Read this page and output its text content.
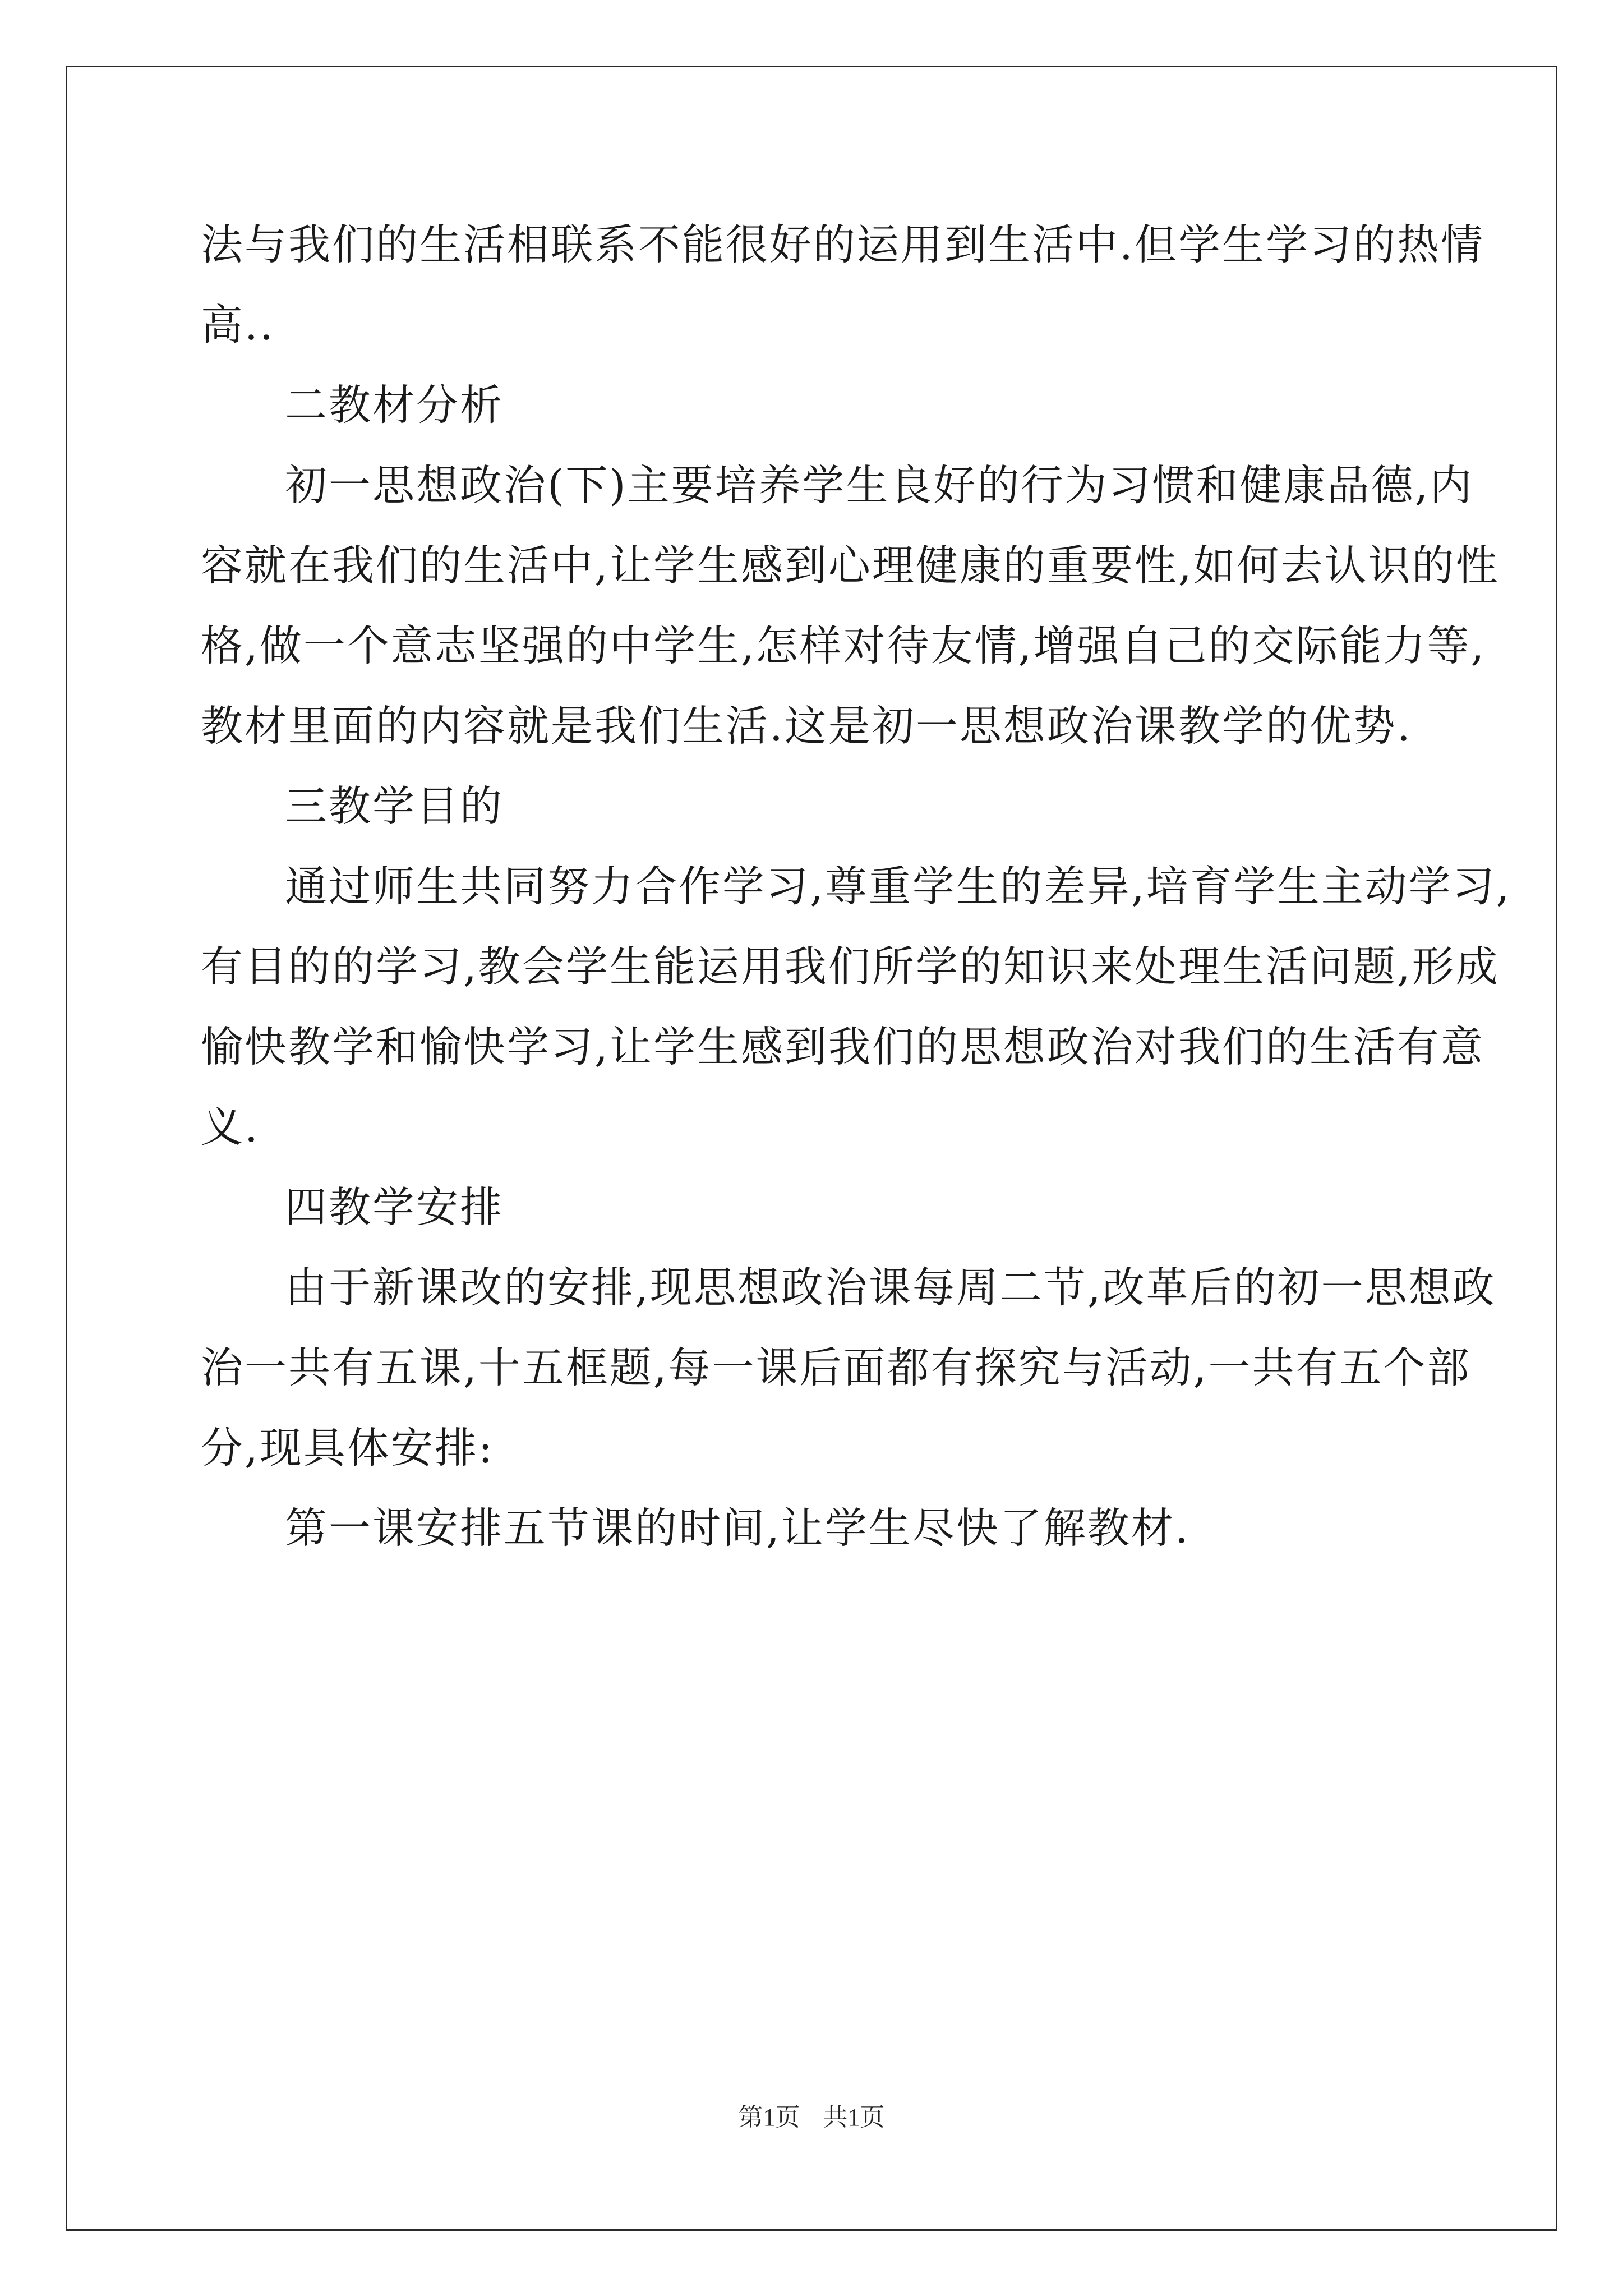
法与我们的生活相联系不能很好的运用到生活中.但学生学习的热情
高..
二教材分析
初一思想政治(下)主要培养学生良好的行为习惯和健康品德,内
容就在我们的生活中,让学生感到心理健康的重要性,如何去认识的性
格,做一个意志坚强的中学生,怎样对待友情,增强自己的交际能力等,
教材里面的内容就是我们生活.这是初一思想政治课教学的优势.
三教学目的
通过师生共同努力合作学习,尊重学生的差异,培育学生主动学习,
有目的的学习,教会学生能运用我们所学的知识来处理生活问题,形成
愉快教学和愉快学习,让学生感到我们的思想政治对我们的生活有意
义.
四教学安排
由于新课改的安排,现思想政治课每周二节,改革后的初一思想政
治一共有五课,十五框题,每一课后面都有探究与活动,一共有五个部
分,现具体安排:
第一课安排五节课的时间,让学生尽快了解教材.
第1页 共1页
